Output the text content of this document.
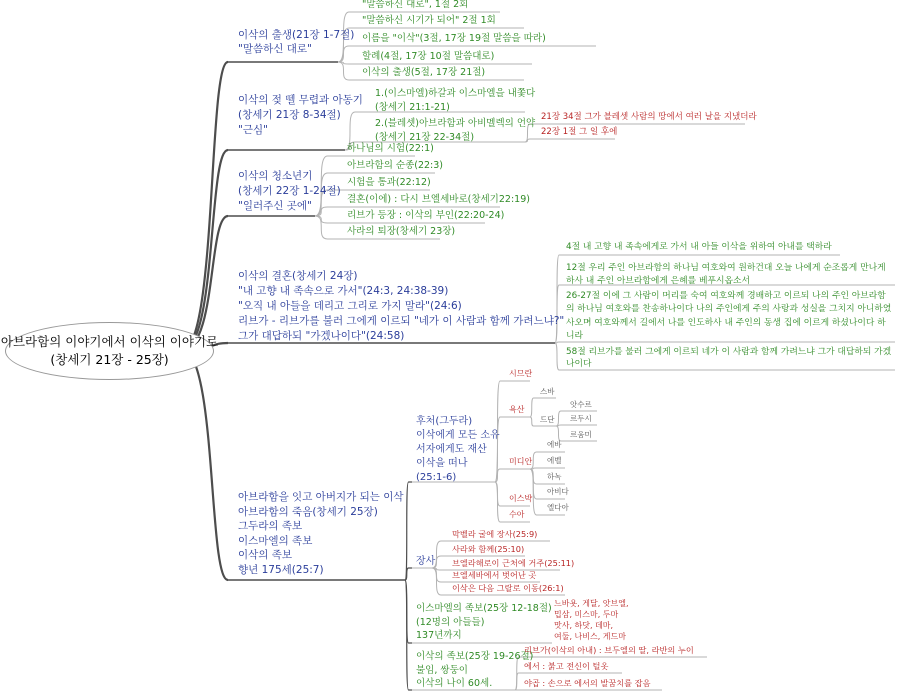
아브라함의 이야기에서 이삭의 이야기로
(창세기 21장 - 25장)
이삭의 출생(21장 1-7절)
"말씀하신 대로"
"말씀하신 대로", 1절 2회
"말씀하신 시기가 되어" 2절 1회
이름을 "이삭"(3절, 17장 19절 말씀을 따라)
할례(4절, 17장 10절 말씀대로)
이삭의 출생(5절, 17장 21절)
이삭의 젖 뗄 무렵과 아동기
(창세기 21장 8-34절)
"근심"
1.(이스마엘)하갈과 이스마엘을 내쫓다
(창세기 21:1-21)
2.(블레셋)아브라함과 아비멜렉의 언약
(창세기 21장 22-34절)
21장 34절 그가 블레셋 사람의 땅에서 여러 날을 지냈더라
22장 1절 그 일 후에
이삭의 청소년기
(창세기 22장 1-24절)
"일러주신 곳에"
하나님의 시험(22:1)
아브라함의 순종(22:3)
시험을 통과(22:12)
결혼(이에) : 다시 브엘세바로(창세기22:19)
리브가 등장 : 이삭의 부인(22:20-24)
사라의 퇴장(창세기 23장)
이삭의 결혼(창세기 24장)
"내 고향 내 족속으로 가서"(24:3, 24:38-39)
"오직 내 아들을 데리고 그리로 가지 말라"(24:6)
리브가 - 리브가를 불러 그에게 이르되 "네가 이 사람과 함께 가려느냐?"
그가 대답하되 "가겠나이다"(24:58)
4절 내 고향 내 족속에게로 가서 내 아들 이삭을 위하여 아내를 택하라
12절 우리 주인 아브라함의 하나님 여호와여 원하건대 오늘 나에게 순조롭게 만나게
하사 내 주인 아브라함에게 은혜를 베푸시옵소서
26-27절 이에 그 사람이 머리를 숙여 여호와께 경배하고 이르되 나의 주인 아브라함
의 하나님 여호와를 찬송하나이다 나의 주인에게 주의 사랑과 성실을 그치지 아니하였
사오며 여호와께서 길에서 나를 인도하사 내 주인의 동생 집에 이르게 하셨나이다 하
니라
58절 리브가를 불러 그에게 이르되 네가 이 사람과 함께 가려느냐 그가 대답하되 가겠
나이다
아브라함을 잇고 아버지가 되는 이삭
아브라함의 죽음(창세기 25장)
그두라의 족보
이스마엘의 족보
이삭의 족보
향년 175세(25:7)
후처(그두라)
이삭에게 모든 소유
서자에게도 재산
이삭을 떠나
(25:1-6)
시므란
욕산
미디안
이스박
수아
스바
드단
앗수르
르두시
르움미
에바
에벨
하녹
아비다
엘다아
장사
막벨라 굴에 장사(25:9)
사라와 함께(25:10)
브엘라해로이 근처에 거주(25:11)
브엘세바에서 벗어난 곳
이삭은 다음 그랄로 이동(26:1)
이스마엘의 족보(25장 12-18절)
(12명의 아들들)
137년까지
느바욧, 게달, 앗브엘,
밉삼, 미스마, 두마
맛사, 하닷, 데마,
여둘, 나비스, 게드마
이삭의 족보(25장 19-26절)
불임, 쌍둥이
이삭의 나이 60세.
리브가(이삭의 아내) : 브두엘의 딸, 라반의 누이
에서 : 붉고 전신이 털옷
야곱 : 손으로 에서의 발꿈치를 잡음
